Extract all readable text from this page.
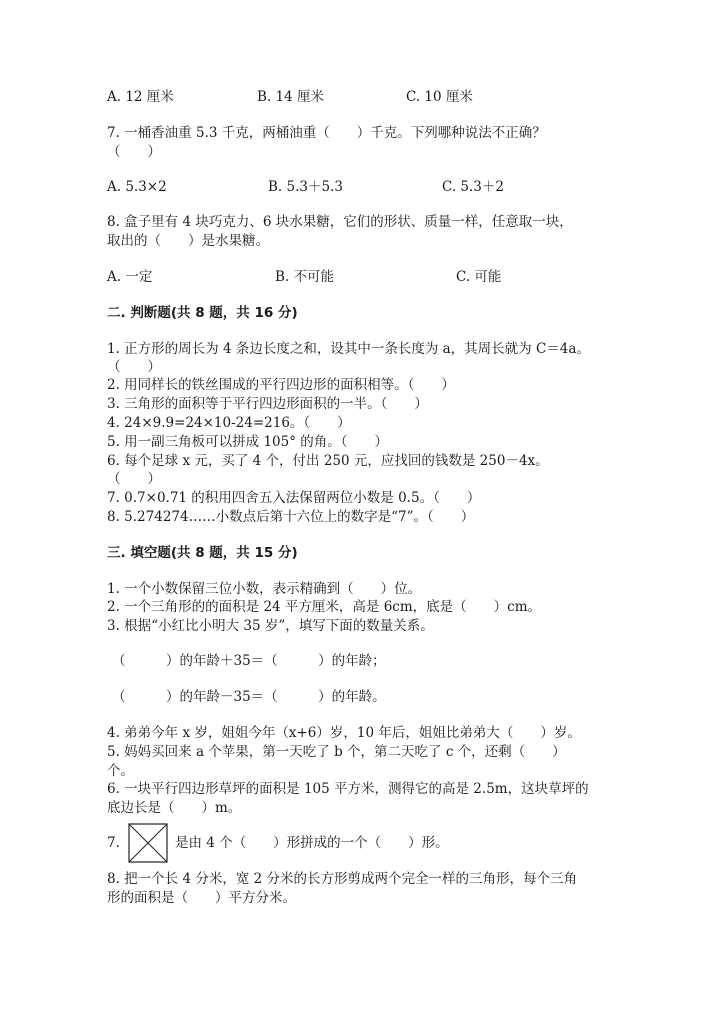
A. 12 厘米	B. 14 厘米	C. 10 厘米
7. 一桶香油重 5.3 千克，两桶油重（　　）千克。下列哪种说法不正确？
（　　）
A. 5.3×2	B. 5.3＋5.3	C. 5.3＋2
8. 盒子里有 4 块巧克力、6 块水果糖，它们的形状、质量一样，任意取一块，
取出的（　　）是水果糖。
A. 一定	B. 不可能	C. 可能
二. 判断题(共 8 题，共 16 分)
1. 正方形的周长为 4 条边长度之和，设其中一条长度为 a，其周长就为 C＝4a。
（　　）
2. 用同样长的铁丝围成的平行四边形的面积相等。（　　）
3. 三角形的面积等于平行四边形面积的一半。（　　）
4. 24×9.9=24×10-24=216。（　　）
5. 用一副三角板可以拼成 105° 的角。（　　）
6. 每个足球 x 元，买了 4 个，付出 250 元，应找回的钱数是 250－4x。
（　　）
7. 0.7×0.71 的积用四舍五入法保留两位小数是 0.5。（　　）
8. 5.274274……小数点后第十六位上的数字是“7”。（　　）
三. 填空题(共 8 题，共 15 分)
1. 一个小数保留三位小数，表示精确到（　　）位。
2. 一个三角形的的面积是 24 平方厘米，高是 6cm，底是（　　）cm。
3. 根据“小红比小明大 35 岁”，填写下面的数量关系。
（　　　）的年龄＋35＝（　　　）的年龄；
（　　　）的年龄－35＝（　　　）的年龄。
4. 弟弟今年 x 岁，姐姐今年（x+6）岁，10 年后，姐姐比弟弟大（　　）岁。
5. 妈妈买回来 a 个苹果，第一天吃了 b 个，第二天吃了 c 个，还剩（　　）
个。
6. 一块平行四边形草坪的面积是 105 平方米，测得它的高是 2.5m，这块草坪的
底边长是（　　）m。
7.	是由 4 个（　　）形拼成的一个（　　）形。
8. 把一个长 4 分米，宽 2 分米的长方形剪成两个完全一样的三角形，每个三角
形的面积是（　　）平方分米。
